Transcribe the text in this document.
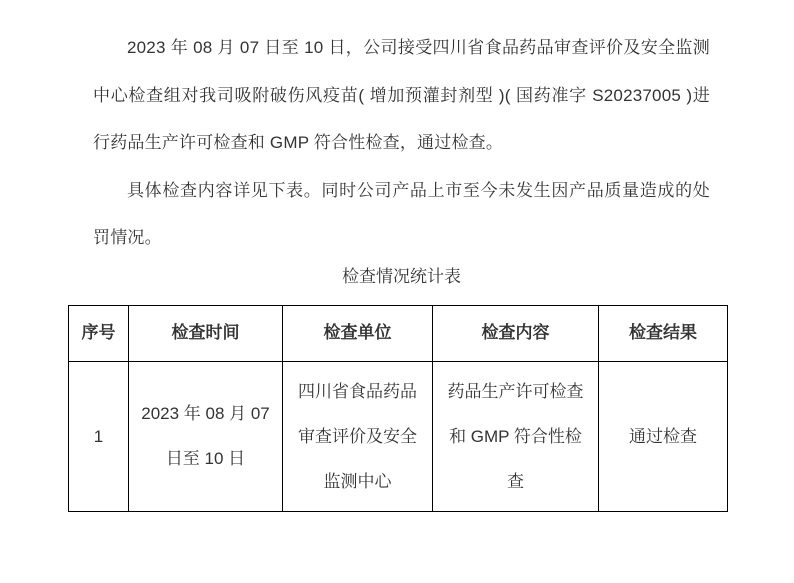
2023 年 08 月 07 日至 10 日，公司接受四川省食品药品审查评价及安全监测中心检查组对我司吸附破伤风疫苗( 增加预灌封剂型 )( 国药准字 S20237005 )进行药品生产许可检查和 GMP 符合性检查，通过检查。

具体检查内容详见下表。同时公司产品上市至今未发生因产品质量造成的处罚情况。

检查情况统计表

序号	检查时间	检查单位	检查内容	检查结果
1	2023 年 08 月 07 日至 10 日	四川省食品药品审查评价及安全监测中心	药品生产许可检查和 GMP 符合性检查	通过检查
